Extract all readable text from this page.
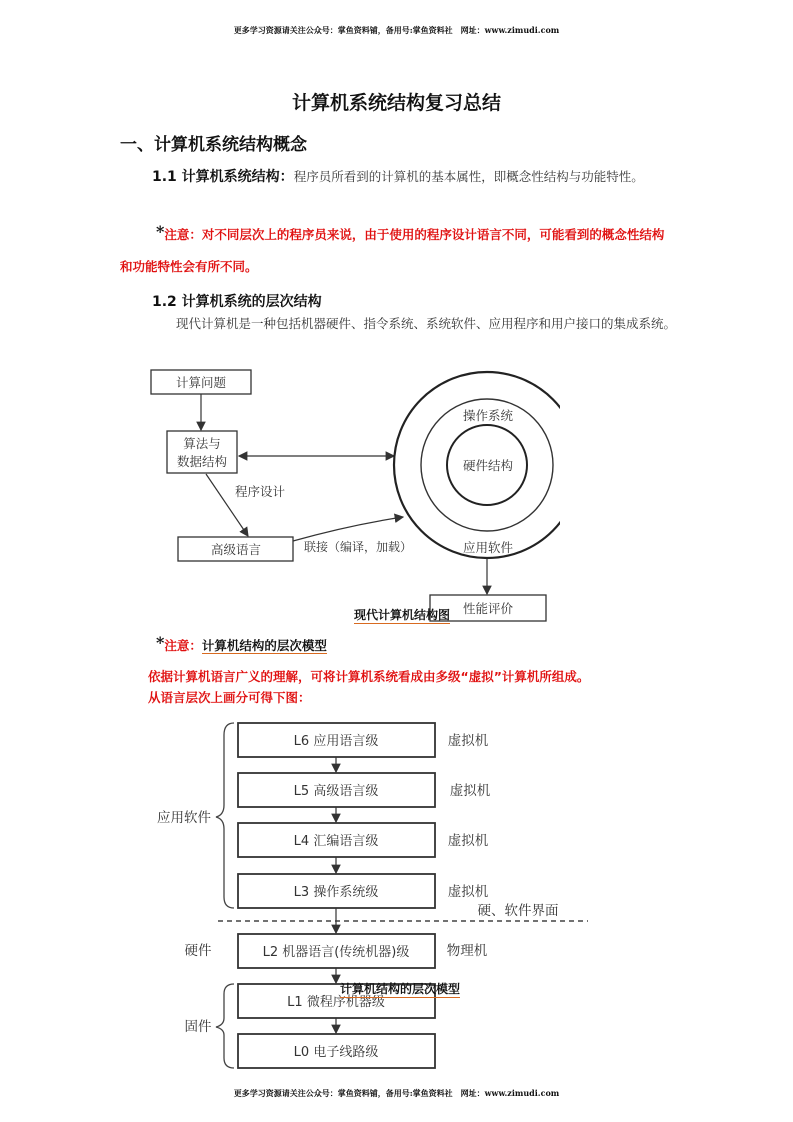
更多学习资源请关注公众号：掌鱼资料铺，备用号:掌鱼资料社　网址：www.zimudi.com
更多学习资源请关注公众号：掌鱼资料铺，备用号:掌鱼资料社　网址：www.zimudi.com
计算机系统结构复习总结
一、计算机系统结构概念
1.1 计算机系统结构：程序员所看到的计算机的基本属性，即概念性结构与功能特性。
*注意：对不同层次上的程序员来说，由于使用的程序设计语言不同，可能看到的概念性结构和功能特性会有所不同。
1.2 计算机系统的层次结构
现代计算机是一种包括机器硬件、指令系统、系统软件、应用程序和用户接口的集成系统。
计算问题
算法与
数据结构
程序设计
高级语言	联接（编译，加载）
操作系统
硬件结构
应用软件
性能评价
现代计算机结构图
*注意：计算机结构的层次模型
依据计算机语言广义的理解，可将计算机系统看成由多级“虚拟”计算机所组成。
从语言层次上画分可得下图：
L6 应用语言级	虚拟机
L5 高级语言级	虚拟机
L4 汇编语言级	虚拟机
L3 操作系统级	虚拟机
硬、软件界面
L2 机器语言(传统机器)级	物理机
L1 微程序机器级
L0 电子线路级
应用软件
硬件
固件
计算机结构的层次模型
